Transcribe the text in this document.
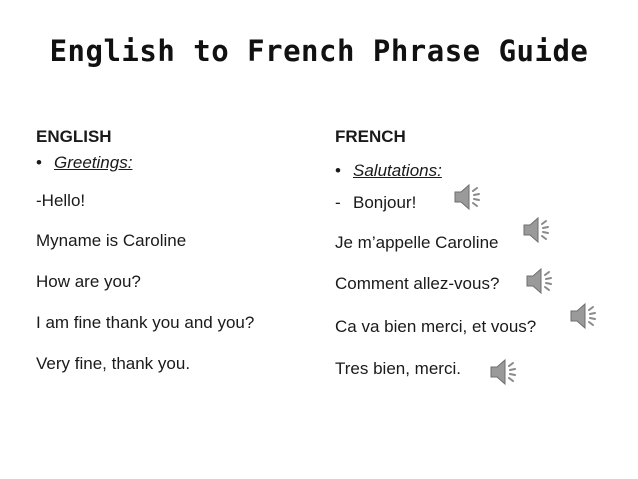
English to French Phrase Guide
ENGLISH
• Greetings:
-Hello!
Myname is Caroline
How are you?
I am fine thank you and you?
Very fine, thank you.
FRENCH
• Salutations:
- Bonjour!
Je m’appelle Caroline
Comment allez-vous?
Ca va bien merci, et vous?
Tres bien, merci.
